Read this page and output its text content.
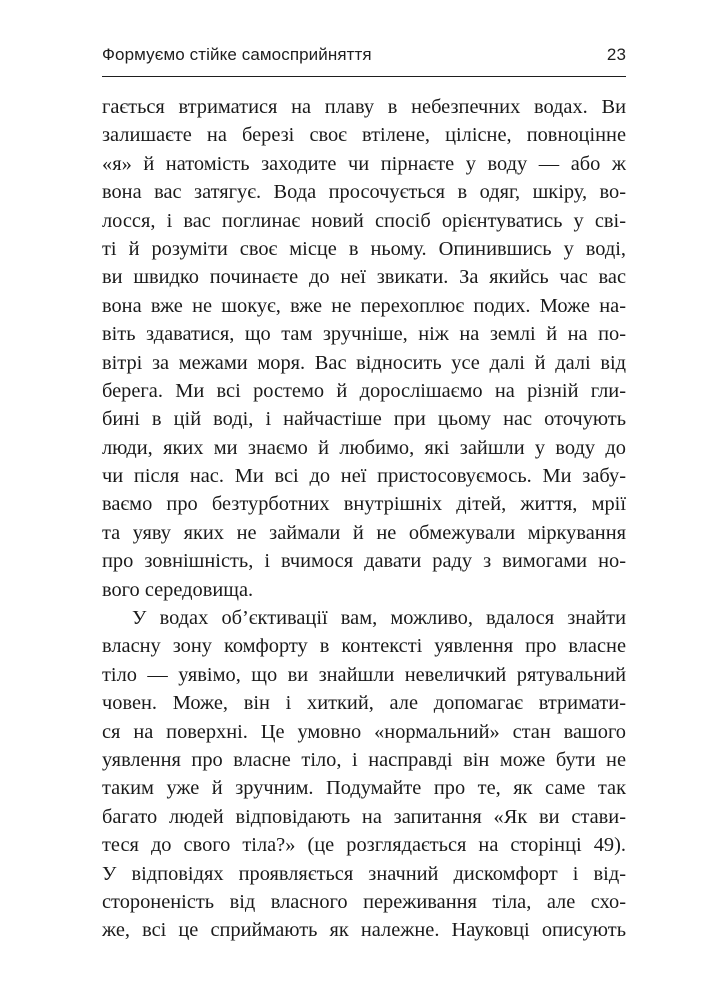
Формуємо стійке самосприйняття	23
гається втриматися на плаву в небезпечних водах. Ви
залишаєте на березі своє втілене, цілісне, повноцінне
«я» й натомість заходите чи пірнаєте у воду — або ж
вона вас затягує. Вода просочується в одяг, шкіру, во-
лосся, і вас поглинає новий спосіб орієнтуватись у сві-
ті й розуміти своє місце в ньому. Опинившись у воді,
ви швидко починаєте до неї звикати. За якийсь час вас
вона вже не шокує, вже не перехоплює подих. Може на-
віть здаватися, що там зручніше, ніж на землі й на по-
вітрі за межами моря. Вас відносить усе далі й далі від
берега. Ми всі ростемо й дорослішаємо на різній гли-
бині в цій воді, і найчастіше при цьому нас оточують
люди, яких ми знаємо й любимо, які зайшли у воду до
чи після нас. Ми всі до неї пристосовуємось. Ми забу-
ваємо про безтурботних внутрішніх дітей, життя, мрії
та уяву яких не займали й не обмежували міркування
про зовнішність, і вчимося давати раду з вимогами но-
вого середовища.
У водах об’єктивації вам, можливо, вдалося знайти
власну зону комфорту в контексті уявлення про власне
тіло — уявімо, що ви знайшли невеличкий рятувальний
човен. Може, він і хиткий, але допомагає втримати-
ся на поверхні. Це умовно «нормальний» стан вашого
уявлення про власне тіло, і насправді він може бути не
таким уже й зручним. Подумайте про те, як саме так
багато людей відповідають на запитання «Як ви стави-
теся до свого тіла?» (це розглядається на сторінці 49).
У відповідях проявляється значний дискомфорт і від-
стороненість від власного переживання тіла, але схо-
же, всі це сприймають як належне. Науковці описують
